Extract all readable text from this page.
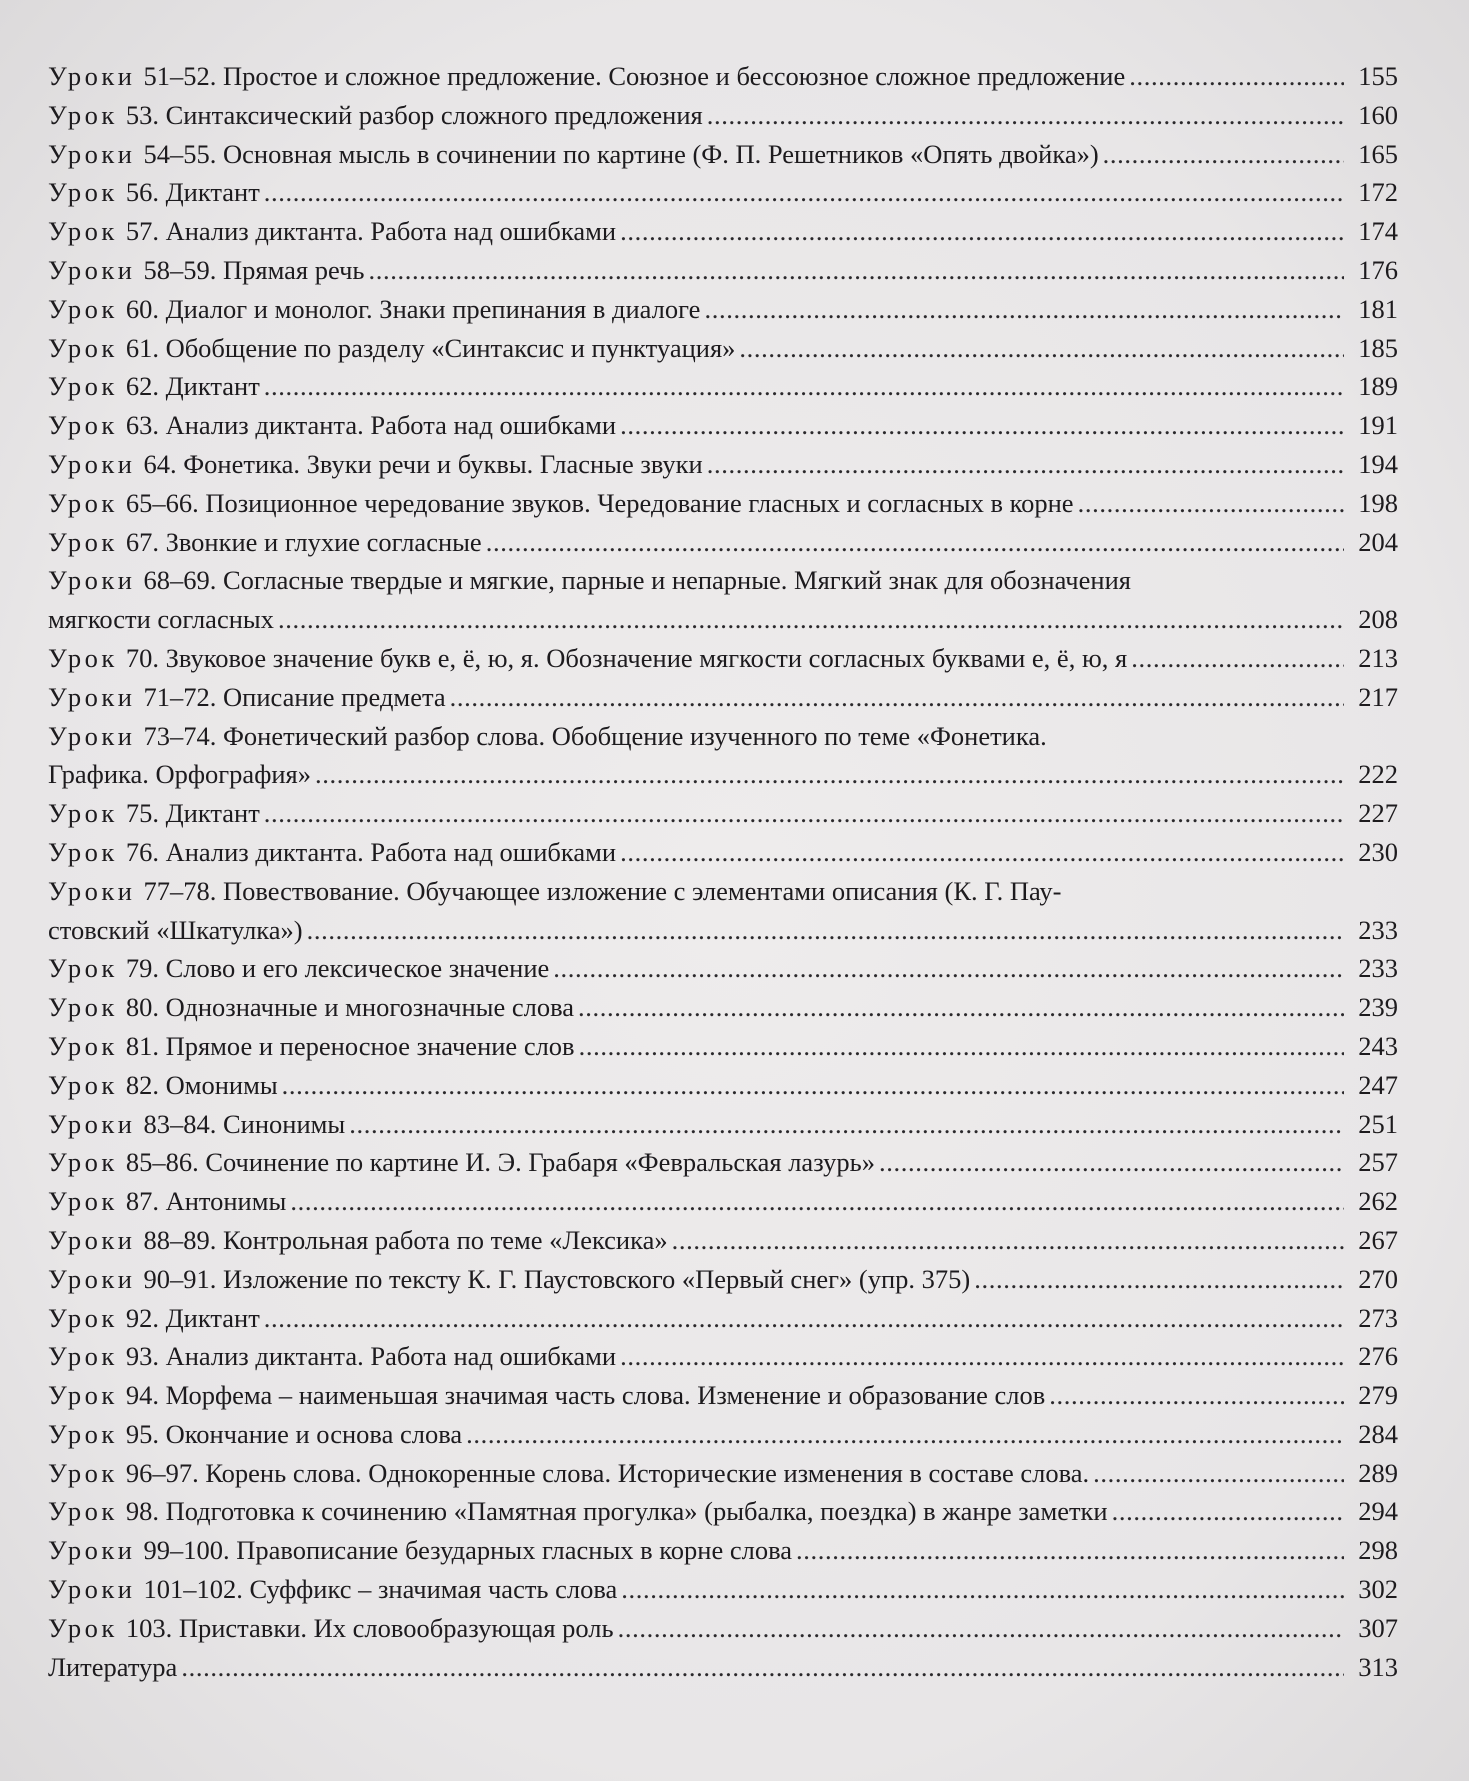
Уроки 51–52. Простое и сложное предложение. Союзное и бессоюзное сложное предложение . . .	155
Урок 53. Синтаксический разбор сложного предложения . . .	160
Уроки 54–55. Основная мысль в сочинении по картине (Ф. П. Решетников «Опять двойка») . . .	165
Урок 56. Диктант . . .	172
Урок 57. Анализ диктанта. Работа над ошибками . . .	174
Уроки 58–59. Прямая речь . . .	176
Урок 60. Диалог и монолог. Знаки препинания в диалоге . . .	181
Урок 61. Обобщение по разделу «Синтаксис и пунктуация» . . .	185
Урок 62. Диктант . . .	189
Урок 63. Анализ диктанта. Работа над ошибками . . .	191
Уроки 64. Фонетика. Звуки речи и буквы. Гласные звуки . . .	194
Урок 65–66. Позиционное чередование звуков. Чередование гласных и согласных в корне . . .	198
Урок 67. Звонкие и глухие согласные . . .	204
Уроки 68–69. Согласные твердые и мягкие, парные и непарные. Мягкий знак для обозначения
мягкости согласных . . .	208
Урок 70. Звуковое значение букв е, ё, ю, я. Обозначение мягкости согласных буквами е, ё, ю, я . . .	213
Уроки 71–72. Описание предмета . . .	217
Уроки 73–74. Фонетический разбор слова. Обобщение изученного по теме «Фонетика.
Графика. Орфография» . . .	222
Урок 75. Диктант . . .	227
Урок 76. Анализ диктанта. Работа над ошибками . . .	230
Уроки 77–78. Повествование. Обучающее изложение с элементами описания (К. Г. Пау-
стовский «Шкатулка») . . .	233
Урок 79. Слово и его лексическое значение . . .	233
Урок 80. Однозначные и многозначные слова . . .	239
Урок 81. Прямое и переносное значение слов . . .	243
Урок 82. Омонимы . . .	247
Уроки 83–84. Синонимы . . .	251
Урок 85–86. Сочинение по картине И. Э. Грабаря «Февральская лазурь» . . .	257
Урок 87. Антонимы . . .	262
Уроки 88–89. Контрольная работа по теме «Лексика» . . .	267
Уроки 90–91. Изложение по тексту К. Г. Паустовского «Первый снег» (упр. 375) . . .	270
Урок 92. Диктант . . .	273
Урок 93. Анализ диктанта. Работа над ошибками . . .	276
Урок 94. Морфема – наименьшая значимая часть слова. Изменение и образование слов . . .	279
Урок 95. Окончание и основа слова . . .	284
Урок 96–97. Корень слова. Однокоренные слова. Исторические изменения в составе слова. . . .	289
Урок 98. Подготовка к сочинению «Памятная прогулка» (рыбалка, поездка) в жанре заметки . . .	294
Уроки 99–100. Правописание безударных гласных в корне слова . . .	298
Уроки 101–102. Суффикс – значимая часть слова . . .	302
Урок 103. Приставки. Их словообразующая роль . . .	307
Литература . . .	313
